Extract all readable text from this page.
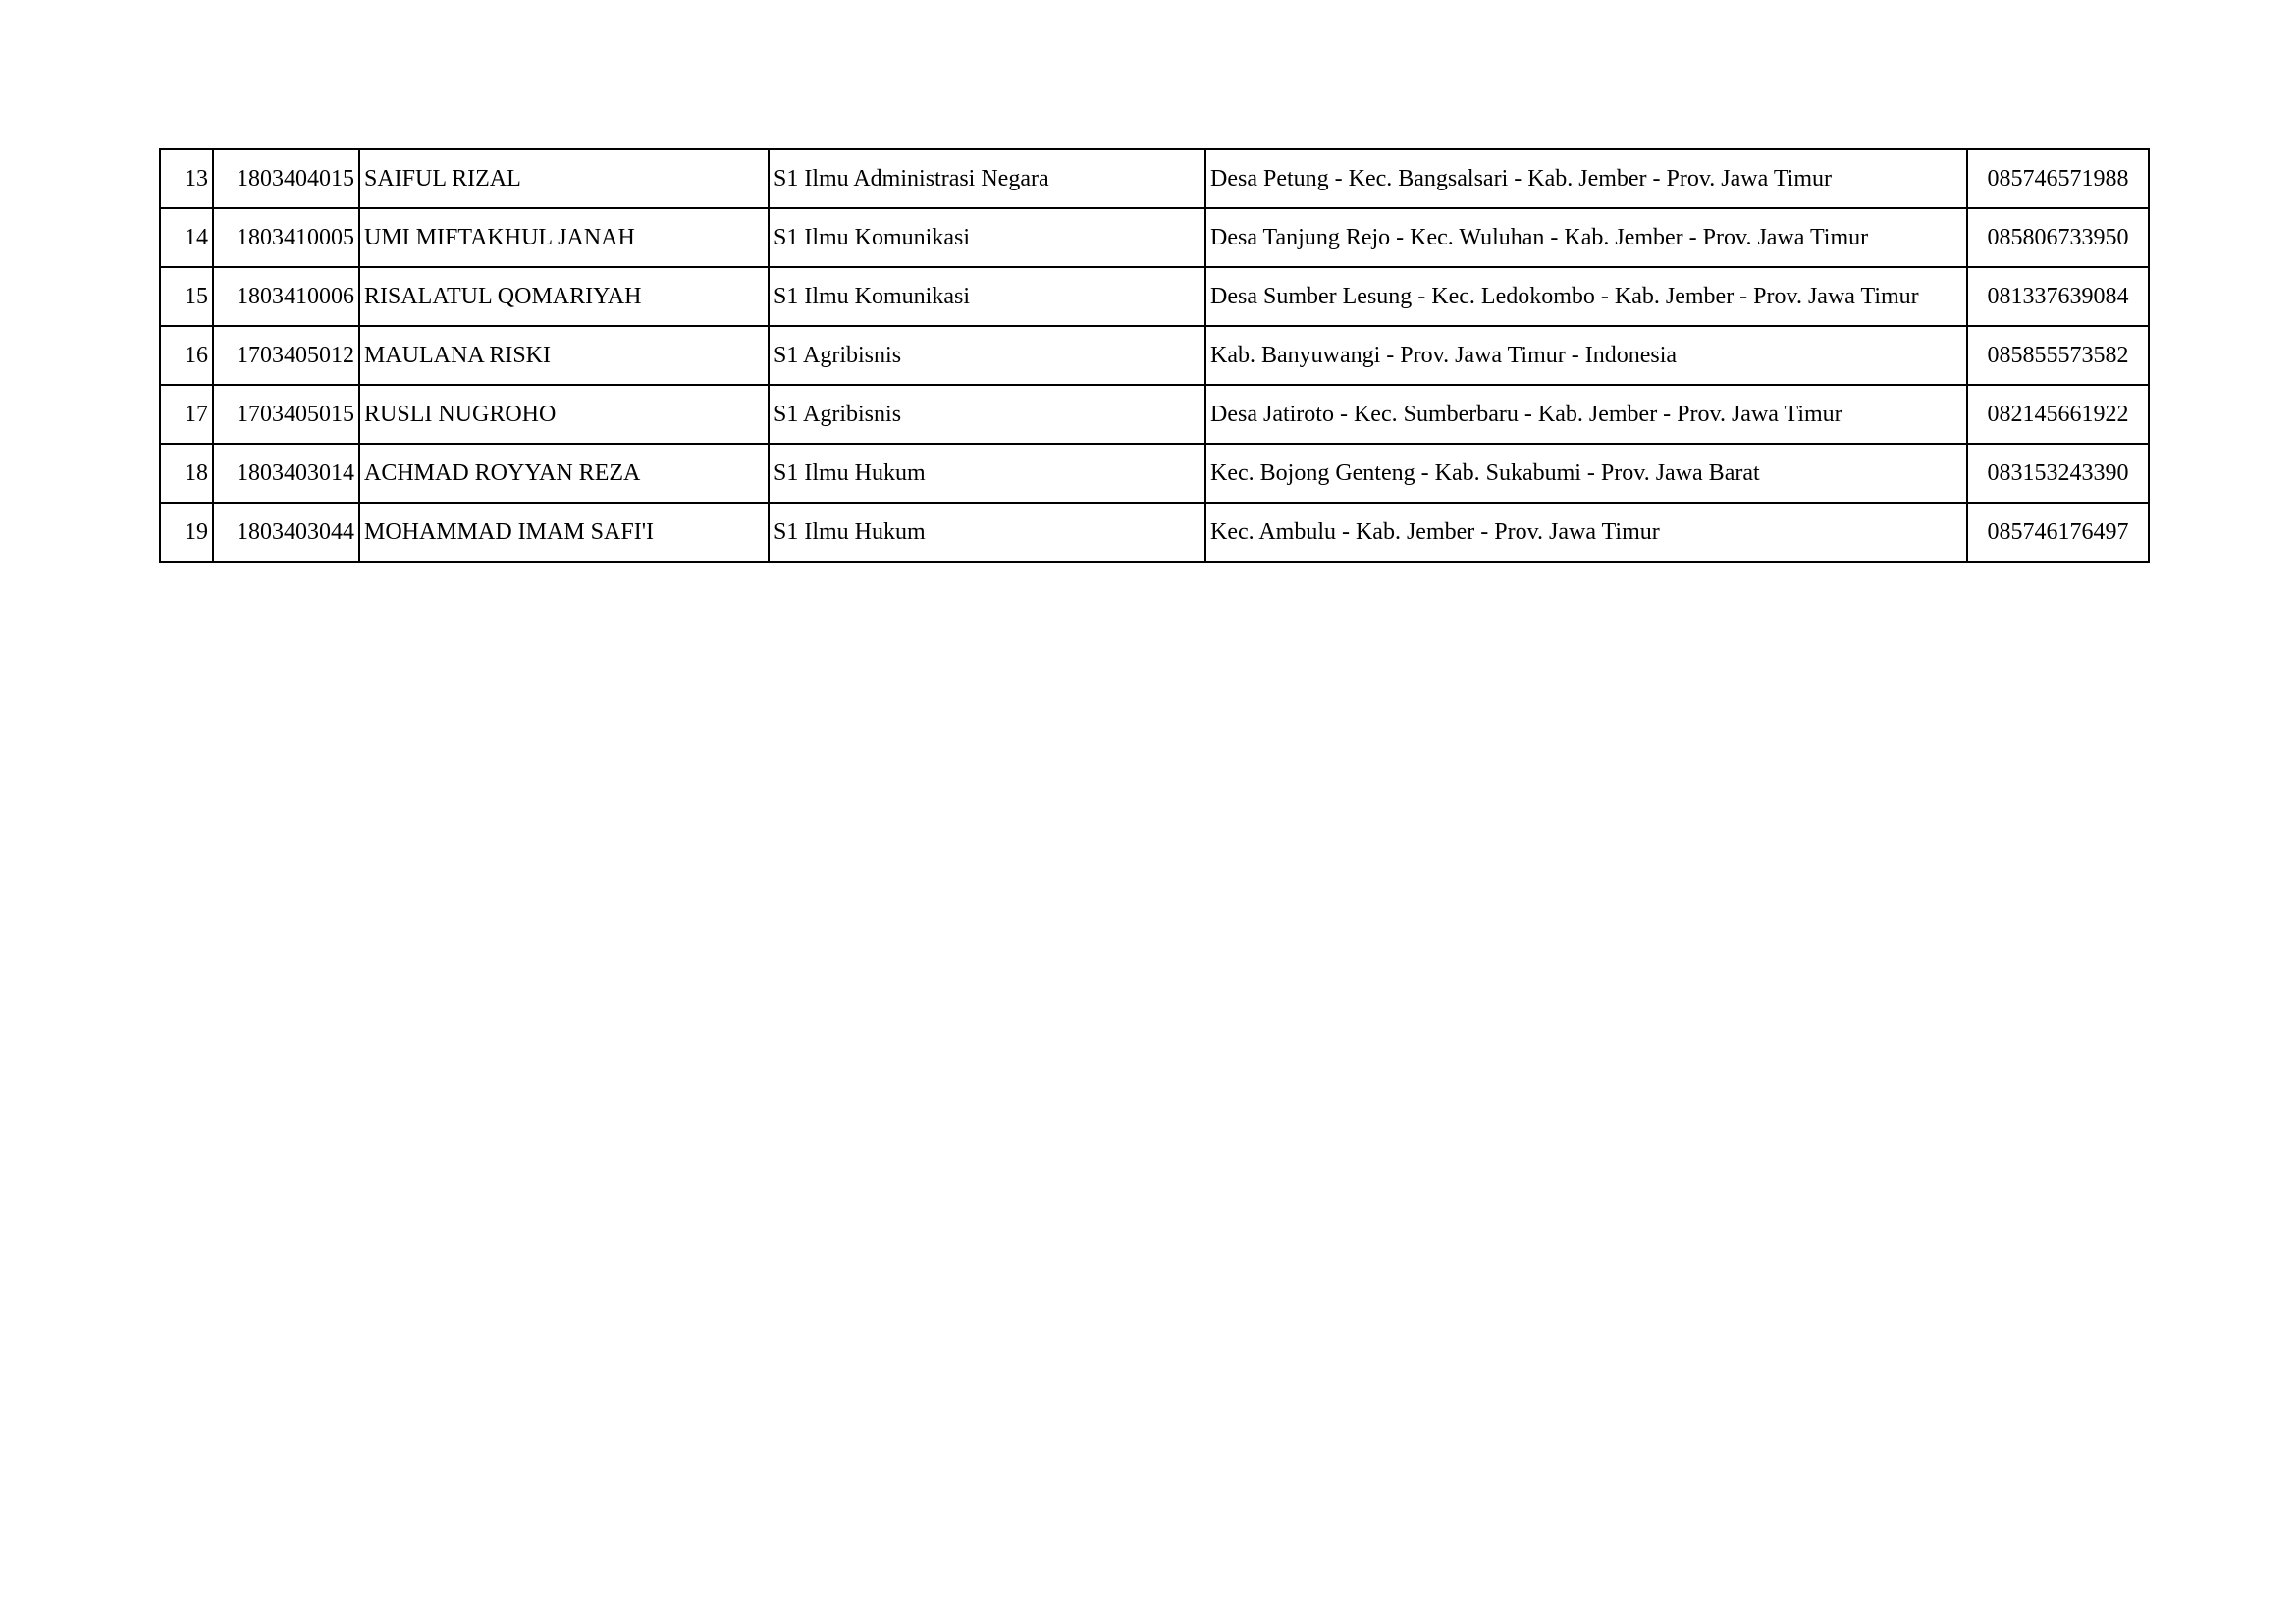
13	1803404015	SAIFUL RIZAL	S1 Ilmu Administrasi Negara	Desa Petung - Kec. Bangsalsari - Kab. Jember - Prov. Jawa Timur	085746571988
14	1803410005	UMI MIFTAKHUL JANAH	S1 Ilmu Komunikasi	Desa Tanjung Rejo - Kec. Wuluhan - Kab. Jember - Prov. Jawa Timur	085806733950
15	1803410006	RISALATUL QOMARIYAH	S1 Ilmu Komunikasi	Desa Sumber Lesung - Kec. Ledokombo - Kab. Jember - Prov. Jawa Timur	081337639084
16	1703405012	MAULANA RISKI	S1 Agribisnis	Kab. Banyuwangi - Prov. Jawa Timur - Indonesia	085855573582
17	1703405015	RUSLI NUGROHO	S1 Agribisnis	Desa Jatiroto - Kec. Sumberbaru - Kab. Jember - Prov. Jawa Timur	082145661922
18	1803403014	ACHMAD ROYYAN REZA	S1 Ilmu Hukum	Kec. Bojong Genteng - Kab. Sukabumi - Prov. Jawa Barat	083153243390
19	1803403044	MOHAMMAD IMAM SAFI'I	S1 Ilmu Hukum	Kec. Ambulu - Kab. Jember - Prov. Jawa Timur	085746176497
